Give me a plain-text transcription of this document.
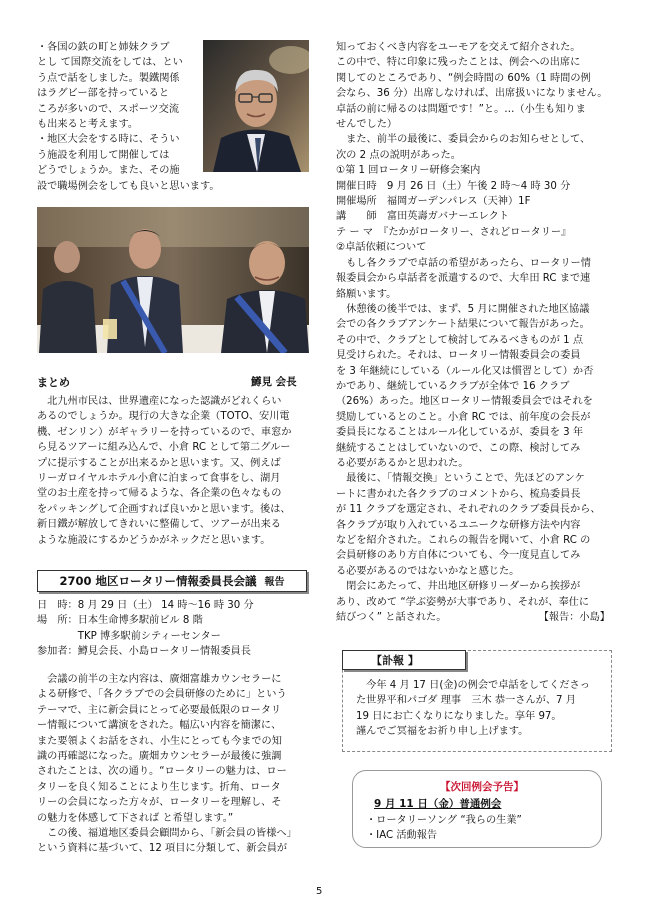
・各国の鉄の町と姉妹クラブ

とし て国際交流をしては、とい

う点で話をしました。製鐵関係

はラグビー部を持っていると

ころが多いので、スポーツ交流

も出来ると考えます。

・地区大会をする時に、そうい

う施設を利用して開催しては

どうでしょうか。また、その施

設で職場例会をしても良いと思います。

まとめ	鱒見 会長

　北九州市民は、世界遺産になった認識がどれくらい

あるのでしょうか。現行の大きな企業（TOTO、安川電

機、ゼンリン）がギャラリーを持っているので、車窓か

ら見るツアーに組み込んで、小倉 RC として第二グルー

プに提示することが出来るかと思います。又、例えば

リーガロイヤルホテル小倉に泊まって食事をし、湖月

堂のお土産を持って帰るような、各企業の色々なもの

をパッキングして企画すれば良いかと思います。後は、

新日鐵が解放してきれいに整備して、ツアーが出来る

ような施設にするかどうかがネックだと思います。

2700 地区ロータリー情報委員長会議 報告

日　時：8 月 29 日（土） 14 時〜16 時 30 分

場　所：日本生命博多駅前ビル 8 階

　　　　TKP 博多駅前シティーセンター

参加者：鱒見会長、小島ロータリー情報委員長

　会議の前半の主な内容は、廣畑富雄カウンセラーに

よる研修で、「各クラブでの会員研修のために」という

テーマで、主に新会員にとって必要最低限のロータリ

ー情報について講演をされた。幅広い内容を簡潔に、

また要領よくお話をされ、小生にとっても今までの知

識の再確認になった。廣畑カウンセラーが最後に強調

されたことは、次の通り。“ロータリーの魅力は、ロー

タリーを良く知ることにより生じます。折角、ロータ

リーの会員になった方々が、ロータリーを理解し、そ

の魅力を体感して下されば と希望します。”

　この後、福道地区委員会顧問から、「新会員の皆様へ」

という資料に基づいて、12 項目に分類して、新会員が

知っておくべき内容をユーモアを交えて紹介された。

この中で、特に印象に残ったことは、例会への出席に

関してのところであり、“例会時間の 60%（1 時間の例

会なら、36 分）出席しなければ、出席扱いになりません。

卓話の前に帰るのは問題です！”と。…（小生も知りま

せんでした）

　また、前半の最後に、委員会からのお知らせとして、

次の 2 点の説明があった。

①第 1 回ロータリー研修会案内

開催日時　9 月 26 日（土）午後 2 時〜4 時 30 分

開催場所　福岡ガーデンパレス（天神）1F

講　　師　富田英壽ガバナーエレクト

テ ー マ　『たかがロータリー、されどロータリー』

②卓話依頼について

　もし各クラブで卓話の希望があったら、ロータリー情

報委員会から卓話者を派遣するので、大牟田 RC まで連

絡願います。

　休憩後の後半では、まず、5 月に開催された地区協議

会での各クラブアンケート結果について報告があった。

その中で、クラブとして検討してみるべきものが 1 点

見受けられた。それは、ロータリー情報委員会の委員

を 3 年継続にしている（ルール化又は慣習として）か否

かであり、継続しているクラブが全体で 16 クラブ

（26%）あった。地区ロータリー情報委員会ではそれを

奨励しているとのこと。小倉 RC では、前年度の会長が

委員長になることはルール化しているが、委員を 3 年

継続することはしていないので、この際、検討してみ

る必要があるかと思われた。

　最後に、「情報交換」ということで、先ほどのアンケ

ートに書かれた各クラブのコメントから、梳鳥委員長

が 11 クラブを選定され、それぞれのクラブ委員長から、

各クラブが取り入れているユニークな研修方法や内容

などを紹介された。これらの報告を聞いて、小倉 RC の

会員研修のあり方自体についても、今一度見直してみ

る必要があるのではないかなと感じた。

　閉会にあたって、井出地区研修リーダーから挨拶が

あり、改めて “学ぶ姿勢が大事であり、それが、奉仕に

結びつく” と話された。	【報告：小島】

【訃報 】

　今年 4 月 17 日(金)の例会で卓話をしてくださっ

た世界平和パゴダ 理事　三木 恭一さんが、7 月

19 日にお亡くなりになりました。享年 97。

謹んでご冥福をお祈り申し上げます。

【次回例会予告】
9 月 11 日（金）普通例会

・ロータリーソング “我らの生業”

・IAC 活動報告

5
